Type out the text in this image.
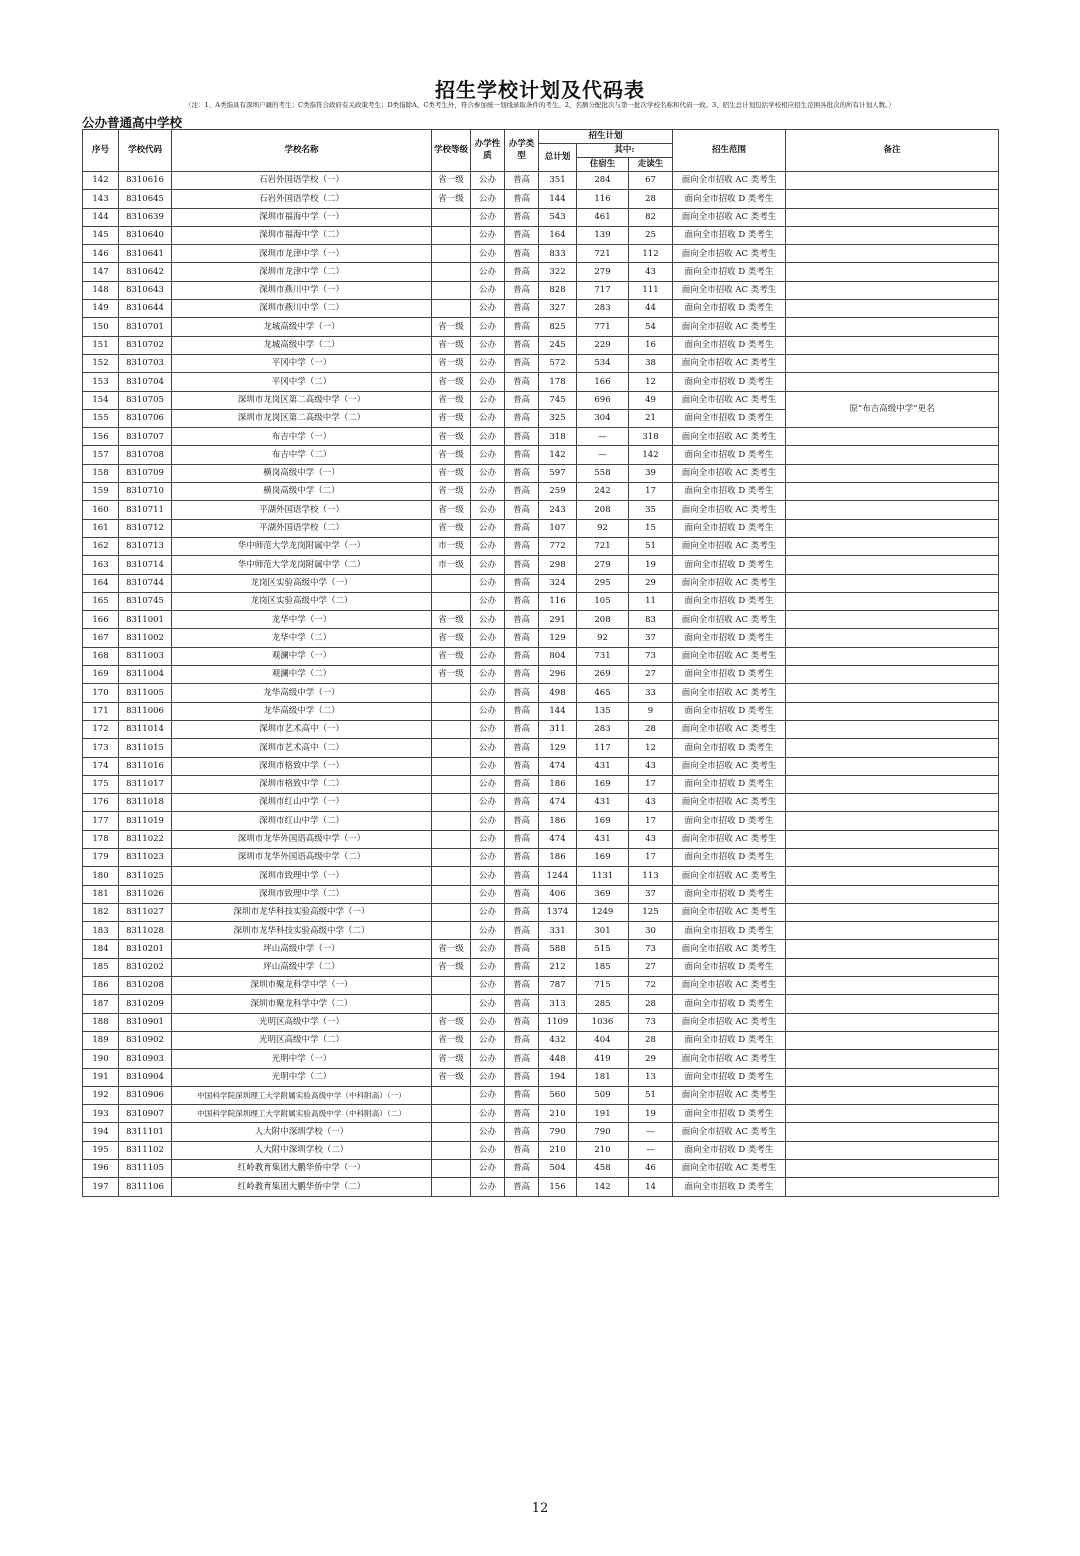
招生学校计划及代码表
（注：1、A类指具有深圳户籍的考生；C类指符合政府有关政策考生；D类指除A、C类考生外，符合参加统一划线录取条件的考生。2、名额分配批次与第一批次学校名称和代码一致。3、招生总计划包括学校相应招生范围各批次的所有计划人数。）
公办普通高中学校
序号	学校代码	学校名称	学校等级	办学性质	办学类型	招生计划			招生范围	备注
						总计划	其中:			
							住宿生	走读生		
142	8310616	石岩外国语学校（一）	省一级	公办	普高	351	284	67	面向全市招收 AC 类考生	
143	8310645	石岩外国语学校（二）	省一级	公办	普高	144	116	28	面向全市招收 D 类考生	
144	8310639	深圳市福海中学（一）		公办	普高	543	461	82	面向全市招收 AC 类考生	
145	8310640	深圳市福海中学（二）		公办	普高	164	139	25	面向全市招收 D 类考生	
146	8310641	深圳市龙津中学（一）		公办	普高	833	721	112	面向全市招收 AC 类考生	
147	8310642	深圳市龙津中学（二）		公办	普高	322	279	43	面向全市招收 D 类考生	
148	8310643	深圳市燕川中学（一）		公办	普高	828	717	111	面向全市招收 AC 类考生	
149	8310644	深圳市燕川中学（二）		公办	普高	327	283	44	面向全市招收 D 类考生	
150	8310701	龙城高级中学（一）	省一级	公办	普高	825	771	54	面向全市招收 AC 类考生	
151	8310702	龙城高级中学（二）	省一级	公办	普高	245	229	16	面向全市招收 D 类考生	
152	8310703	平冈中学（一）	省一级	公办	普高	572	534	38	面向全市招收 AC 类考生	
153	8310704	平冈中学（二）	省一级	公办	普高	178	166	12	面向全市招收 D 类考生	
154	8310705	深圳市龙岗区第二高级中学（一）	省一级	公办	普高	745	696	49	面向全市招收 AC 类考生	原“布吉高级中学”更名
155	8310706	深圳市龙岗区第二高级中学（二）	省一级	公办	普高	325	304	21	面向全市招收 D 类考生	
156	8310707	布吉中学（一）	省一级	公办	普高	318	—	318	面向全市招收 AC 类考生	
157	8310708	布吉中学（二）	省一级	公办	普高	142	—	142	面向全市招收 D 类考生	
158	8310709	横岗高级中学（一）	省一级	公办	普高	597	558	39	面向全市招收 AC 类考生	
159	8310710	横岗高级中学（二）	省一级	公办	普高	259	242	17	面向全市招收 D 类考生	
160	8310711	平湖外国语学校（一）	省一级	公办	普高	243	208	35	面向全市招收 AC 类考生	
161	8310712	平湖外国语学校（二）	省一级	公办	普高	107	92	15	面向全市招收 D 类考生	
162	8310713	华中师范大学龙岗附属中学（一）	市一级	公办	普高	772	721	51	面向全市招收 AC 类考生	
163	8310714	华中师范大学龙岗附属中学（二）	市一级	公办	普高	298	279	19	面向全市招收 D 类考生	
164	8310744	龙岗区实验高级中学（一）		公办	普高	324	295	29	面向全市招收 AC 类考生	
165	8310745	龙岗区实验高级中学（二）		公办	普高	116	105	11	面向全市招收 D 类考生	
166	8311001	龙华中学（一）	省一级	公办	普高	291	208	83	面向全市招收 AC 类考生	
167	8311002	龙华中学（二）	省一级	公办	普高	129	92	37	面向全市招收 D 类考生	
168	8311003	观澜中学（一）	省一级	公办	普高	804	731	73	面向全市招收 AC 类考生	
169	8311004	观澜中学（二）	省一级	公办	普高	296	269	27	面向全市招收 D 类考生	
170	8311005	龙华高级中学（一）		公办	普高	498	465	33	面向全市招收 AC 类考生	
171	8311006	龙华高级中学（二）		公办	普高	144	135	9	面向全市招收 D 类考生	
172	8311014	深圳市艺术高中（一）		公办	普高	311	283	28	面向全市招收 AC 类考生	
173	8311015	深圳市艺术高中（二）		公办	普高	129	117	12	面向全市招收 D 类考生	
174	8311016	深圳市格致中学（一）		公办	普高	474	431	43	面向全市招收 AC 类考生	
175	8311017	深圳市格致中学（二）		公办	普高	186	169	17	面向全市招收 D 类考生	
176	8311018	深圳市红山中学（一）		公办	普高	474	431	43	面向全市招收 AC 类考生	
177	8311019	深圳市红山中学（二）		公办	普高	186	169	17	面向全市招收 D 类考生	
178	8311022	深圳市龙华外国语高级中学（一）		公办	普高	474	431	43	面向全市招收 AC 类考生	
179	8311023	深圳市龙华外国语高级中学（二）		公办	普高	186	169	17	面向全市招收 D 类考生	
180	8311025	深圳市致理中学（一）		公办	普高	1244	1131	113	面向全市招收 AC 类考生	
181	8311026	深圳市致理中学（二）		公办	普高	406	369	37	面向全市招收 D 类考生	
182	8311027	深圳市龙华科技实验高级中学（一）		公办	普高	1374	1249	125	面向全市招收 AC 类考生	
183	8311028	深圳市龙华科技实验高级中学（二）		公办	普高	331	301	30	面向全市招收 D 类考生	
184	8310201	坪山高级中学（一）	省一级	公办	普高	588	515	73	面向全市招收 AC 类考生	
185	8310202	坪山高级中学（二）	省一级	公办	普高	212	185	27	面向全市招收 D 类考生	
186	8310208	深圳市聚龙科学中学（一）		公办	普高	787	715	72	面向全市招收 AC 类考生	
187	8310209	深圳市聚龙科学中学（二）		公办	普高	313	285	28	面向全市招收 D 类考生	
188	8310901	光明区高级中学（一）	省一级	公办	普高	1109	1036	73	面向全市招收 AC 类考生	
189	8310902	光明区高级中学（二）	省一级	公办	普高	432	404	28	面向全市招收 D 类考生	
190	8310903	光明中学（一）	省一级	公办	普高	448	419	29	面向全市招收 AC 类考生	
191	8310904	光明中学（二）	省一级	公办	普高	194	181	13	面向全市招收 D 类考生	
192	8310906	中国科学院深圳理工大学附属实验高级中学（中科附高）（一）		公办	普高	560	509	51	面向全市招收 AC 类考生	
193	8310907	中国科学院深圳理工大学附属实验高级中学（中科附高）（二）		公办	普高	210	191	19	面向全市招收 D 类考生	
194	8311101	人大附中深圳学校（一）		公办	普高	790	790	—	面向全市招收 AC 类考生	
195	8311102	人大附中深圳学校（二）		公办	普高	210	210	—	面向全市招收 D 类考生	
196	8311105	红岭教育集团大鹏华侨中学（一）		公办	普高	504	458	46	面向全市招收 AC 类考生	
197	8311106	红岭教育集团大鹏华侨中学（二）		公办	普高	156	142	14	面向全市招收 D 类考生	
12
